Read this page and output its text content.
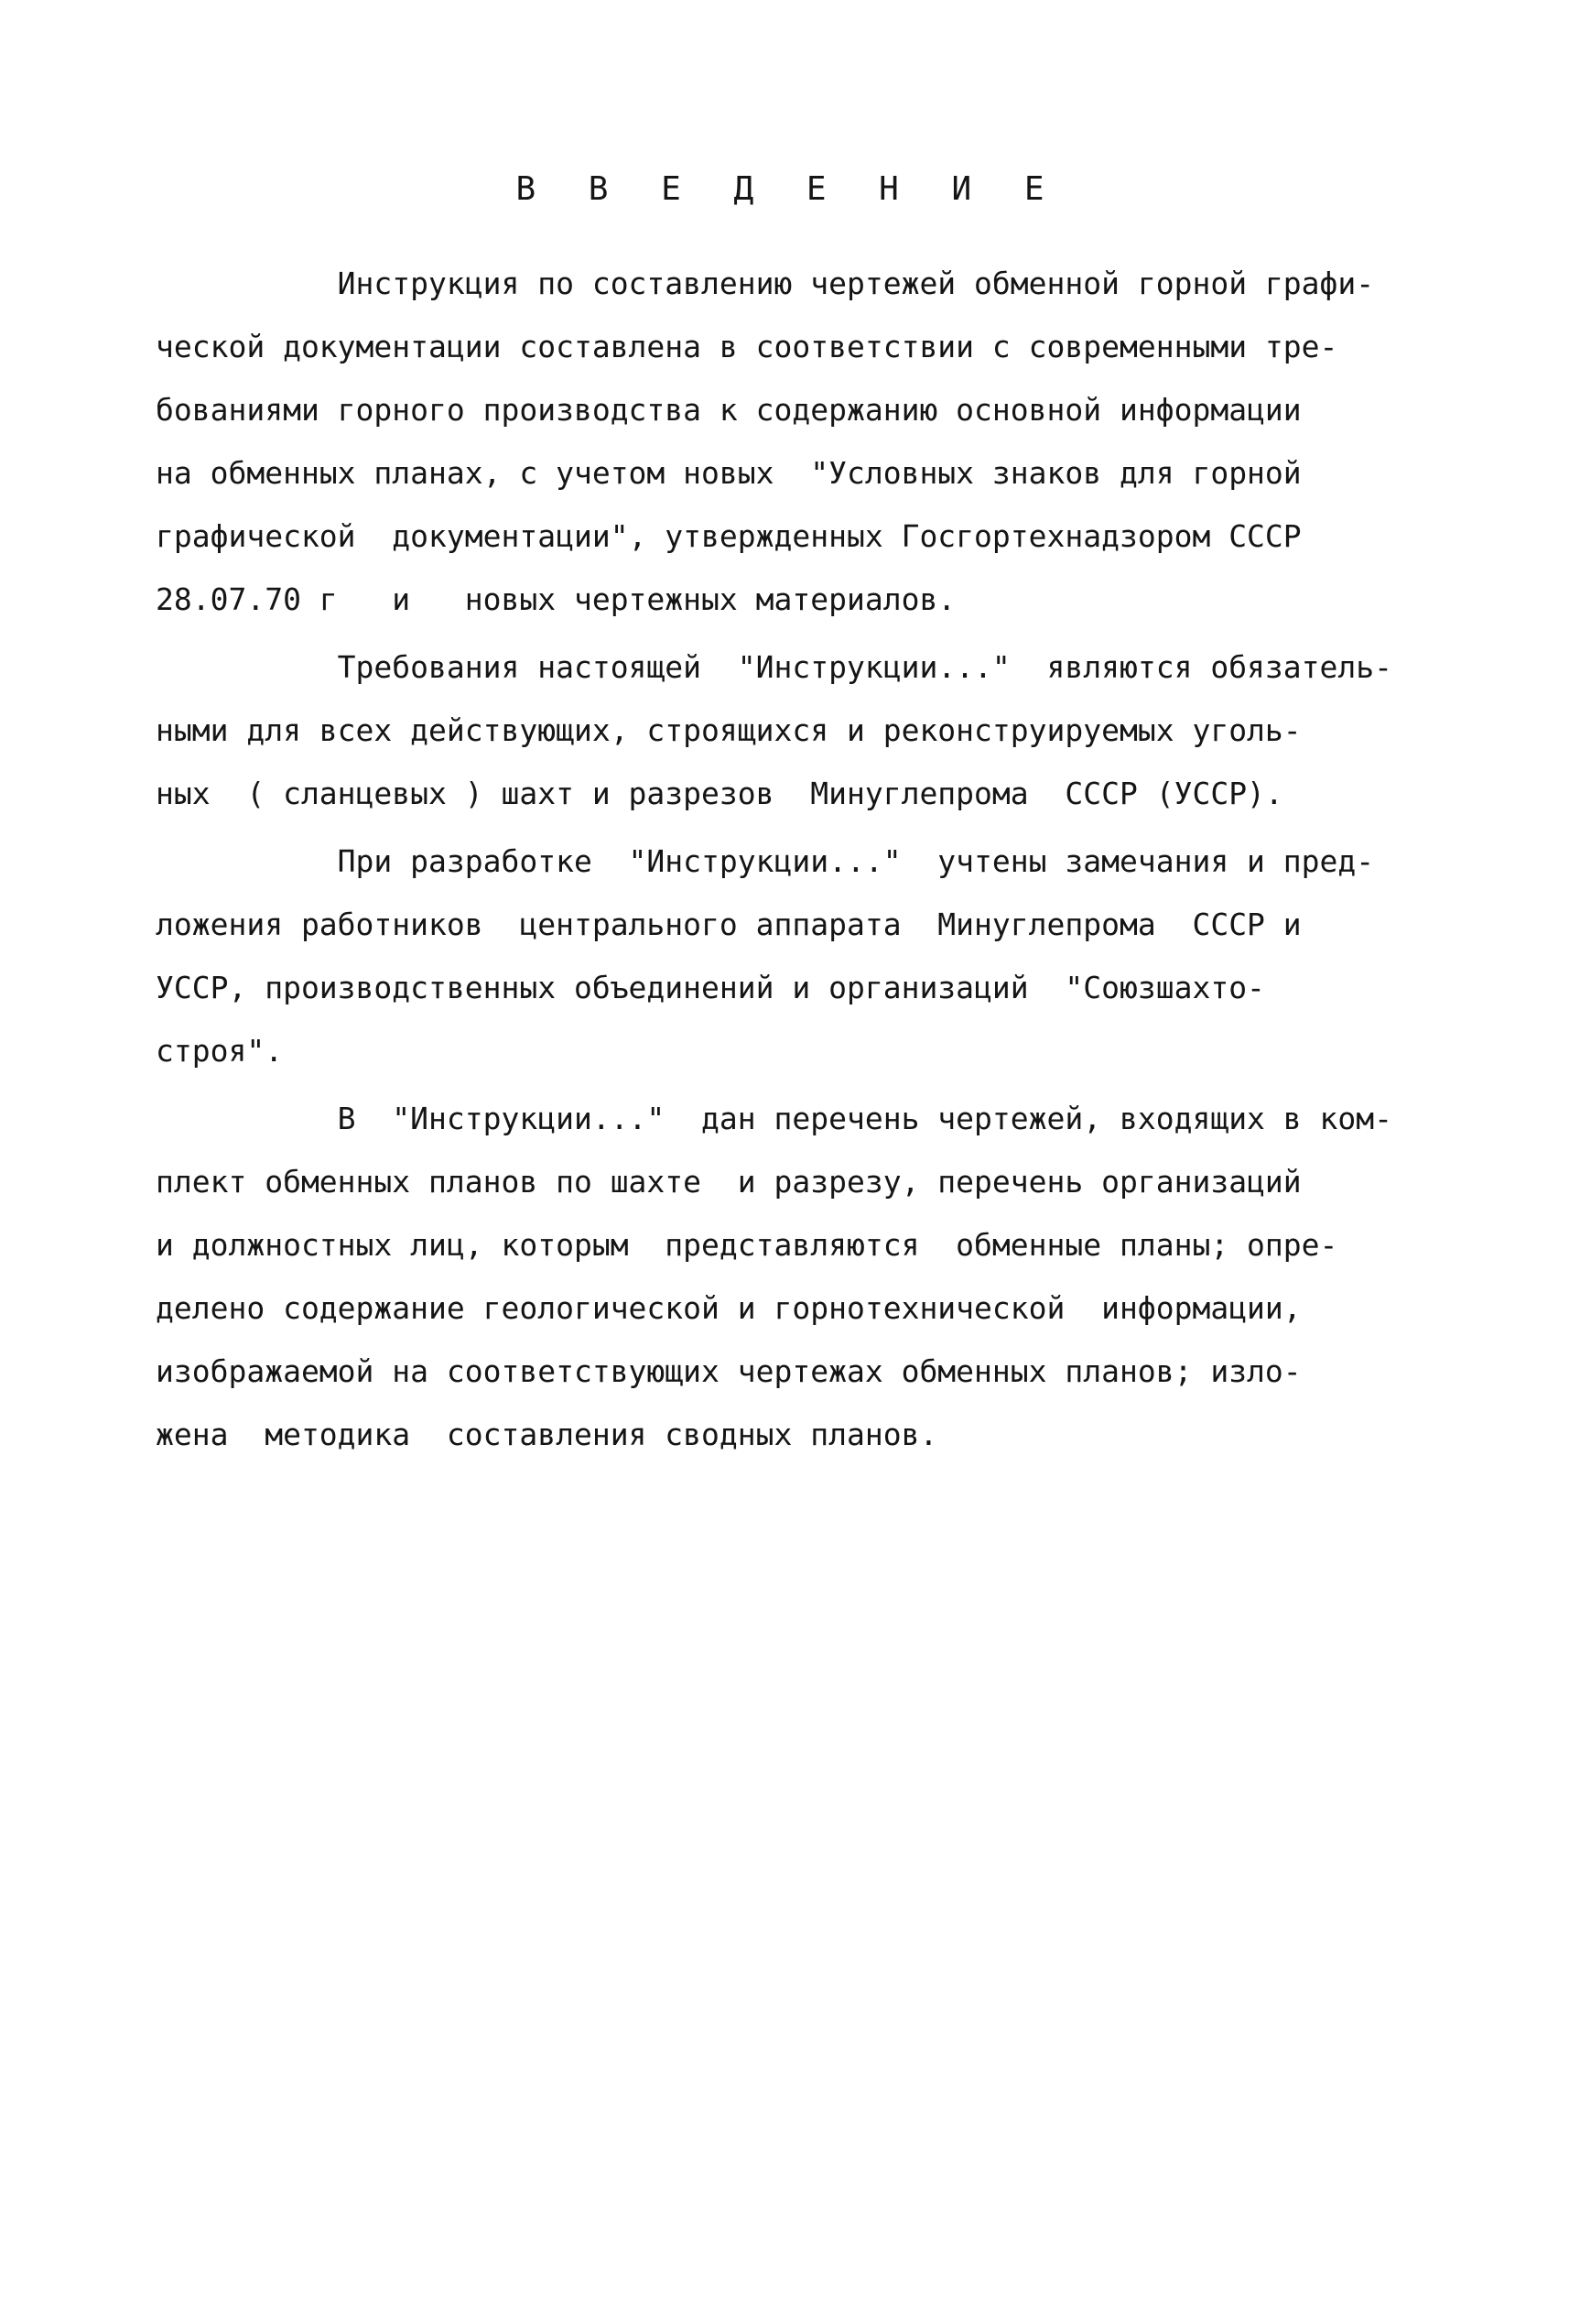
В В Е Д Е Н И Е
Инструкция по составлению чертежей обменной горной графи-
ческой документации составлена в соответствии с современными тре-
бованиями горного производства к содержанию основной информации
на обменных планах, с учетом новых  "Условных знаков для горной
графической  документации", утвержденных Госгортехнадзором СССР
28.07.70 г   и   новых чертежных материалов.
Требования настоящей  "Инструкции..."  являются обязатель-
ными для всех действующих, строящихся и реконструируемых уголь-
ных  ( сланцевых ) шахт и разрезов  Минуглепрома  СССР (УССР).
При разработке  "Инструкции..."  учтены замечания и пред-
ложения работников  центрального аппарата  Минуглепрома  СССР и
УССР, производственных объединений и организаций  "Союзшахто-
строя".
В  "Инструкции..."  дан перечень чертежей, входящих в ком-
плект обменных планов по шахте  и разрезу, перечень организаций
и должностных лиц, которым  представляются  обменные планы; опре-
делено содержание геологической и горнотехнической  информации,
изображаемой на соответствующих чертежах обменных планов; изло-
жена  методика  составления сводных планов.
